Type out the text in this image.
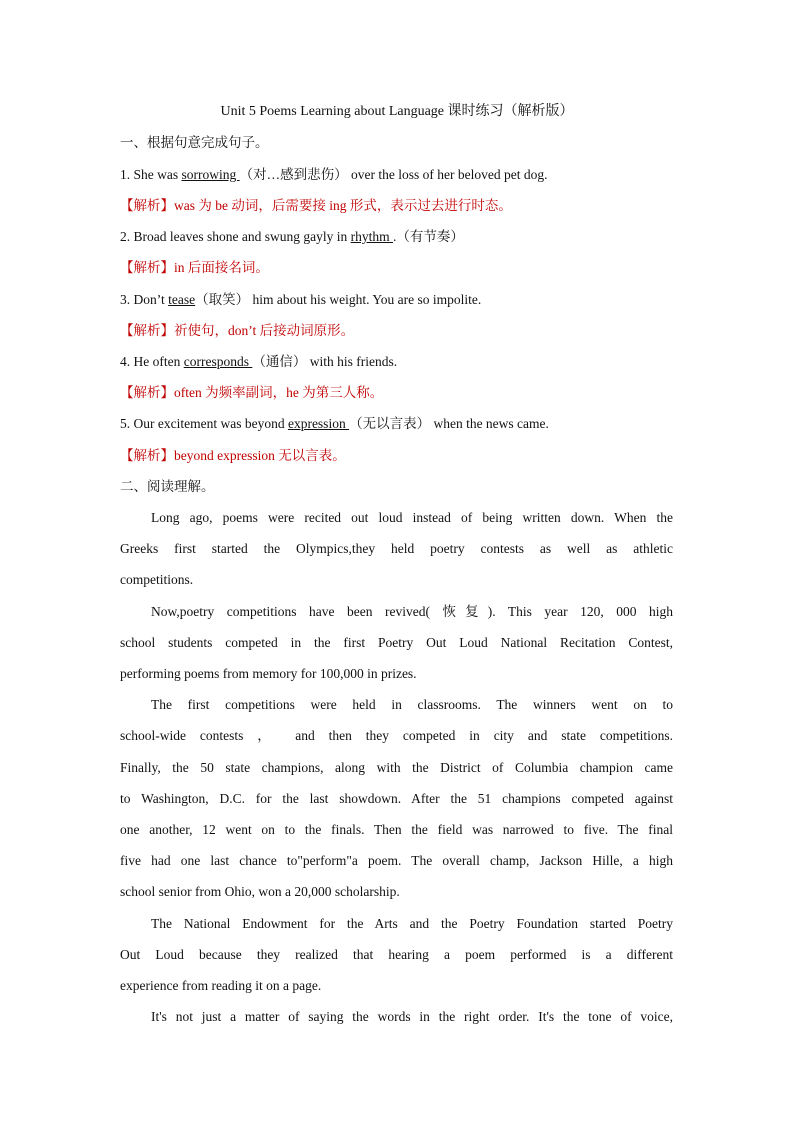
Unit 5 Poems Learning about Language 课时练习（解析版）
一、根据句意完成句子。
1. She was sorrowing （对…感到悲伤） over the loss of her beloved pet dog.
【解析】was 为 be 动词，后需要接 ing 形式，表示过去进行时态。
2. Broad leaves shone and swung gayly in rhythm .（有节奏）
【解析】in 后面接名词。
3. Don’t tease（取笑） him about his weight. You are so impolite.
【解析】祈使句，don’t 后接动词原形。
4. He often corresponds （通信） with his friends.
【解析】often 为频率副词，he 为第三人称。
5. Our excitement was beyond expression （无以言表） when the news came.
【解析】beyond expression 无以言表。
二、阅读理解。
Long ago, poems were recited out loud instead of being written down. When the
Greeks first started the Olympics,they held poetry contests as well as athletic
competitions.
Now,poetry competitions have been revived( 恢复). This year 120, 000 high
school students competed in the first Poetry Out Loud National Recitation Contest,
performing poems from memory for 100,000 in prizes.
The first competitions were held in classrooms. The winners went on to
school-wide contests ， and then they competed in city and state competitions.
Finally, the 50 state champions, along with the District of Columbia champion came
to Washington, D.C. for the last showdown. After the 51 champions competed against
one another, 12 went on to the finals. Then the field was narrowed to five. The final
five had one last chance to"perform"a poem. The overall champ, Jackson Hille, a high
school senior from Ohio, won a 20,000 scholarship.
The National Endowment for the Arts and the Poetry Foundation started Poetry
Out Loud because they realized that hearing a poem performed is a different
experience from reading it on a page.
It's not just a matter of saying the words in the right order. It's the tone of voice,
